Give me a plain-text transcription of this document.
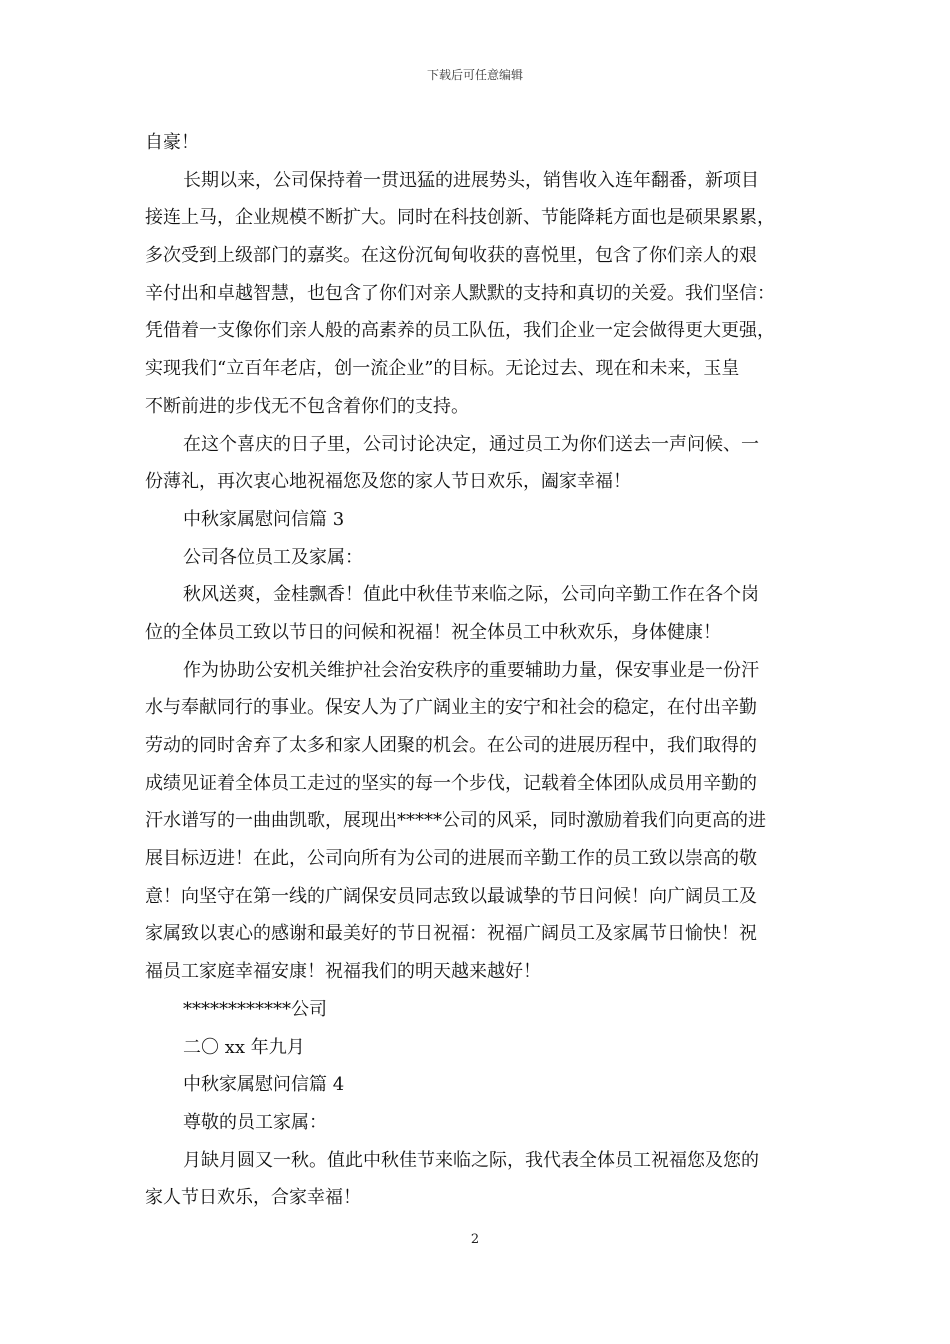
下载后可任意编辑
自豪！
长期以来，公司保持着一贯迅猛的进展势头，销售收入连年翻番，新项目
接连上马，企业规模不断扩大。同时在科技创新、节能降耗方面也是硕果累累，
多次受到上级部门的嘉奖。在这份沉甸甸收获的喜悦里，包含了你们亲人的艰
辛付出和卓越智慧，也包含了你们对亲人默默的支持和真切的关爱。我们坚信：
凭借着一支像你们亲人般的高素养的员工队伍，我们企业一定会做得更大更强，
实现我们“立百年老店，创一流企业”的目标。无论过去、现在和未来，玉皇
不断前进的步伐无不包含着你们的支持。
在这个喜庆的日子里，公司讨论决定，通过员工为你们送去一声问候、一
份薄礼，再次衷心地祝福您及您的家人节日欢乐，阖家幸福！
中秋家属慰问信篇 3
公司各位员工及家属：
秋风送爽，金桂飘香！值此中秋佳节来临之际，公司向辛勤工作在各个岗
位的全体员工致以节日的问候和祝福！祝全体员工中秋欢乐，身体健康！
作为协助公安机关维护社会治安秩序的重要辅助力量，保安事业是一份汗
水与奉献同行的事业。保安人为了广阔业主的安宁和社会的稳定，在付出辛勤
劳动的同时舍弃了太多和家人团聚的机会。在公司的进展历程中，我们取得的
成绩见证着全体员工走过的坚实的每一个步伐，记载着全体团队成员用辛勤的
汗水谱写的一曲曲凯歌，展现出*****公司的风采，同时激励着我们向更高的进
展目标迈进！在此，公司向所有为公司的进展而辛勤工作的员工致以崇高的敬
意！向坚守在第一线的广阔保安员同志致以最诚挚的节日问候！向广阔员工及
家属致以衷心的感谢和最美好的节日祝福：祝福广阔员工及家属节日愉快！祝
福员工家庭幸福安康！祝福我们的明天越来越好！
************公司
二〇 xx 年九月
中秋家属慰问信篇 4
尊敬的员工家属：
月缺月圆又一秋。值此中秋佳节来临之际，我代表全体员工祝福您及您的
家人节日欢乐，合家幸福！
2
